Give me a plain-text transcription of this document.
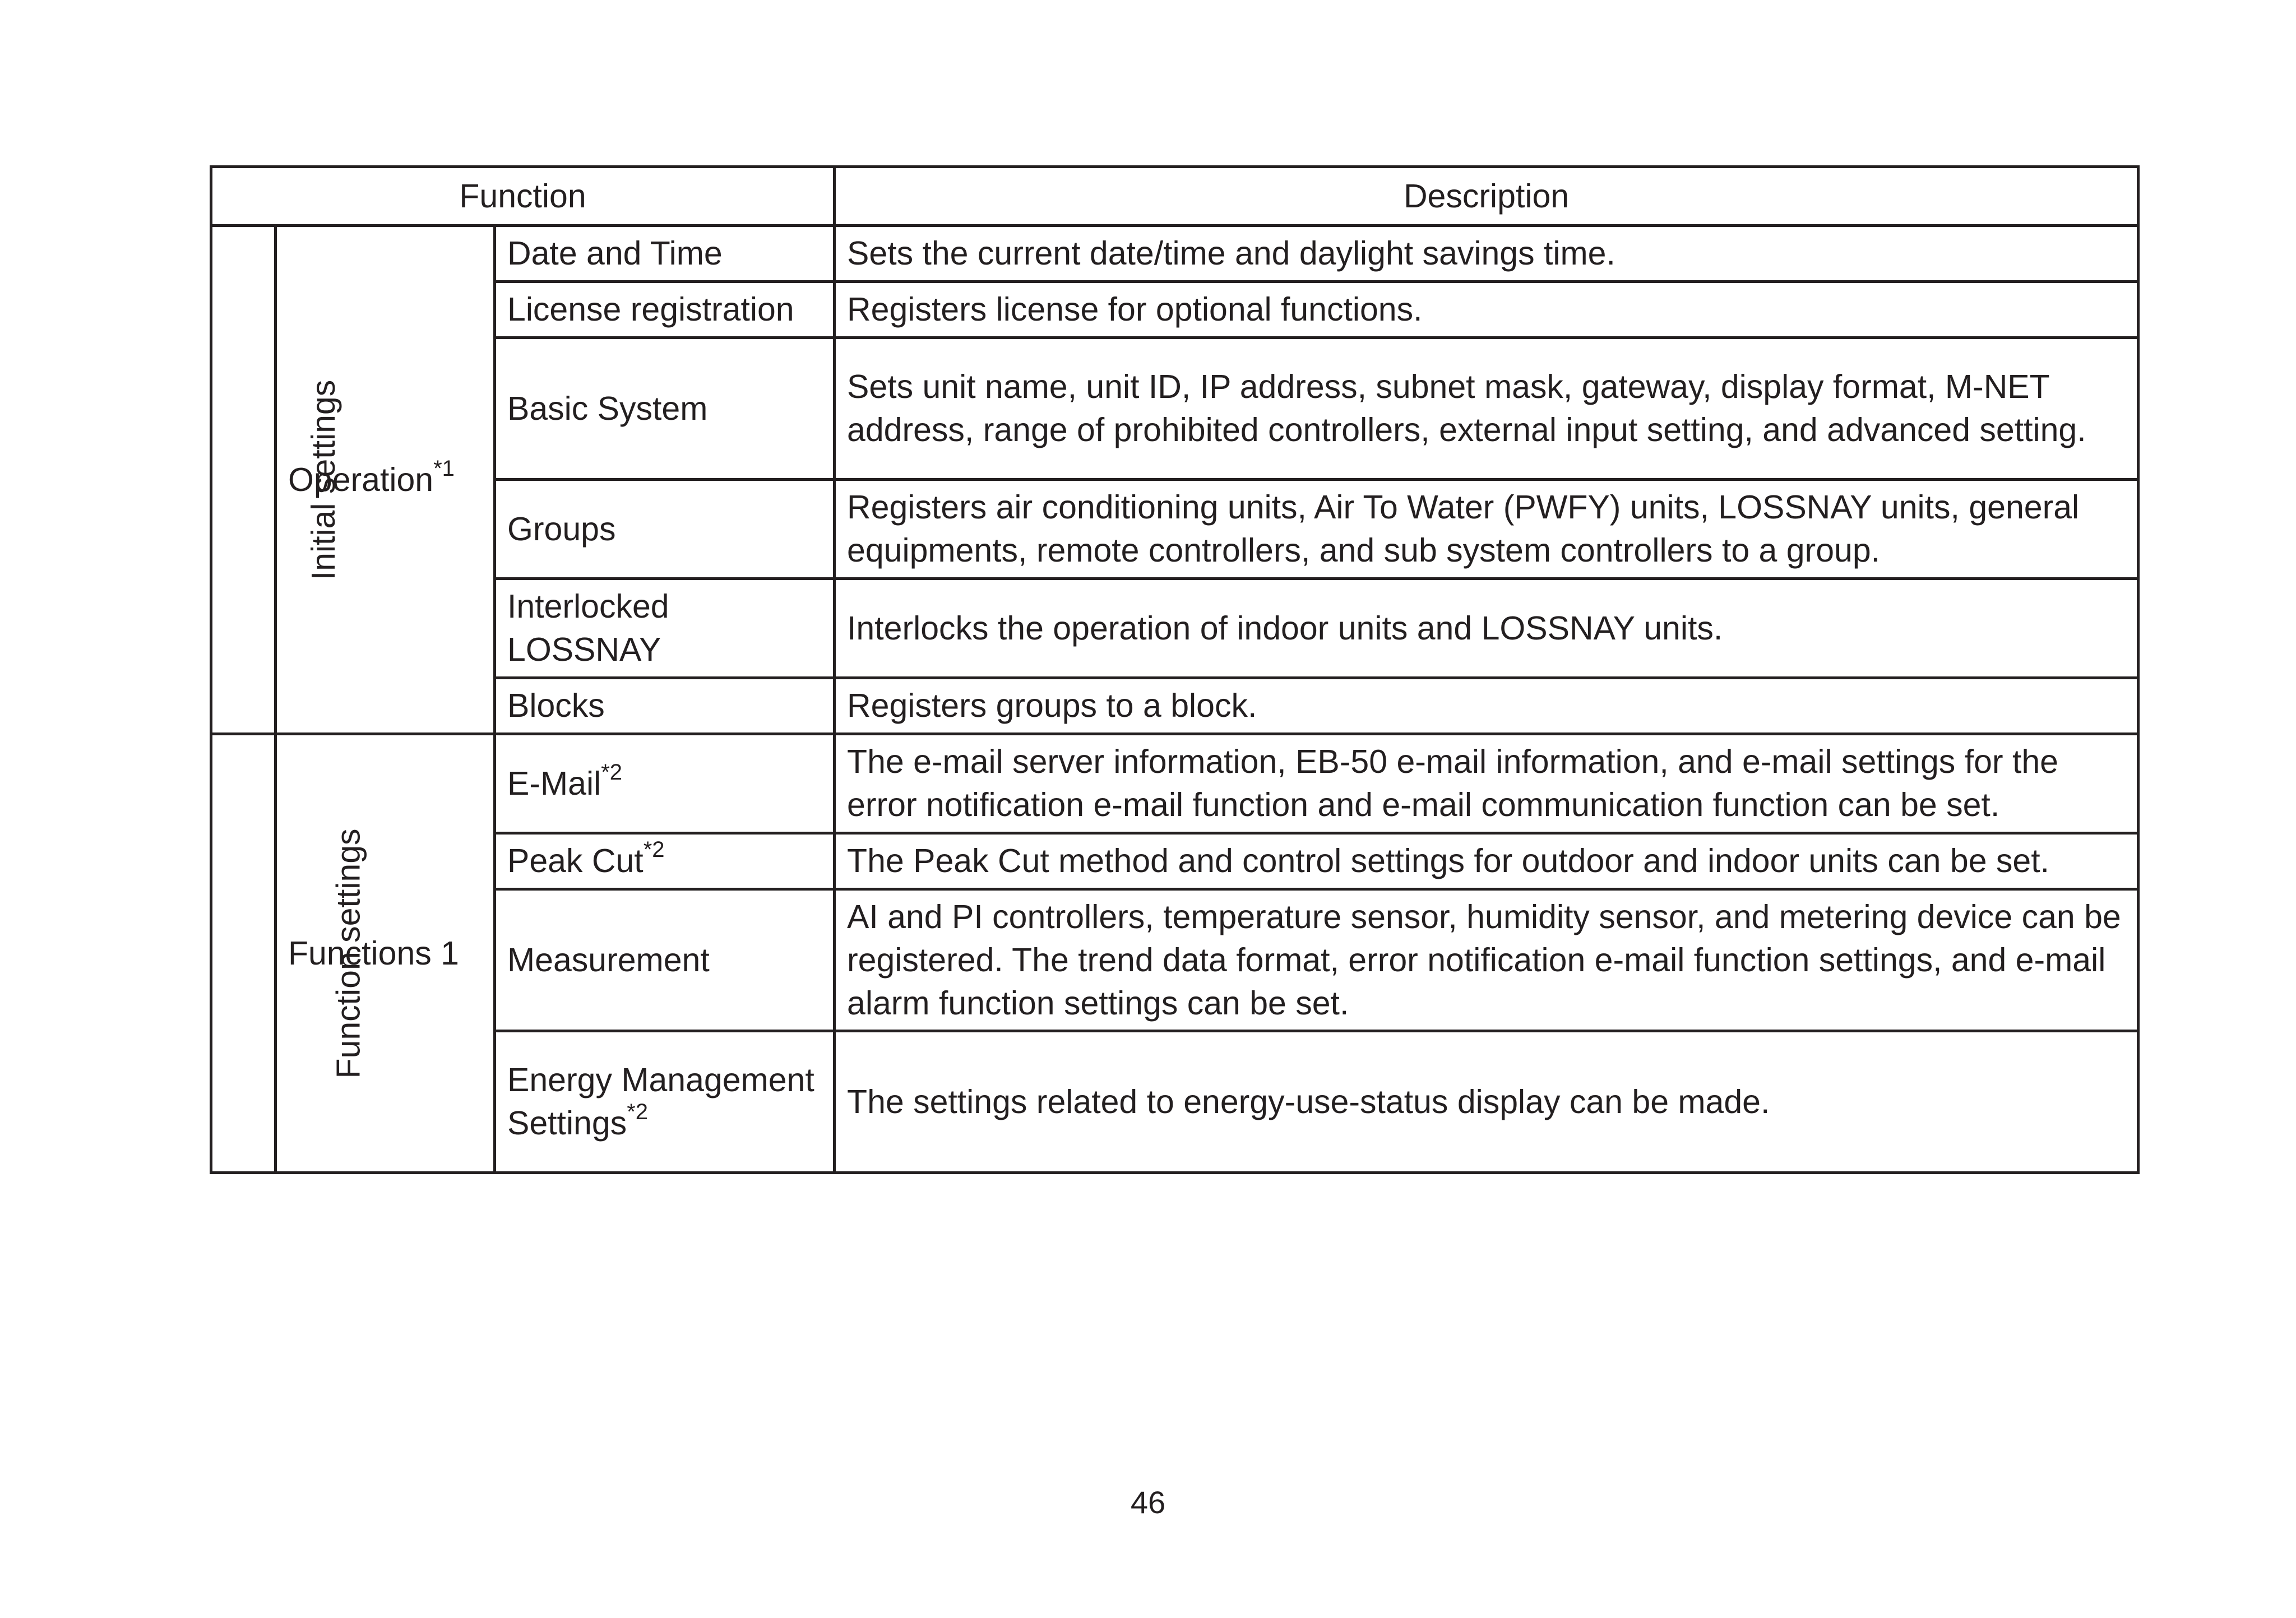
Function			Description
Initial settings	Operation$^{*1}$	Date and Time	Sets the current date/time and daylight savings time.
		License registration	Registers license for optional functions.
		Basic System	Sets unit name, unit ID, IP address, subnet mask, gateway, display format, M-NET address, range of prohibited controllers, external input setting, and advanced setting.
		Groups	Registers air conditioning units, Air To Water (PWFY) units, LOSSNAY units, general equipments, remote controllers, and sub system controllers to a group.
		Interlocked LOSSNAY	Interlocks the operation of indoor units and LOSSNAY units.
		Blocks	Registers groups to a block.
Function settings	Functions 1	E-Mail$^{*2}$	The e-mail server information, EB-50 e-mail information, and e-mail settings for the error notification e-mail function and e-mail communication function can be set.
		Peak Cut$^{*2}$	The Peak Cut method and control settings for outdoor and indoor units can be set.
		Measurement	AI and PI controllers, temperature sensor, humidity sensor, and metering device can be registered. The trend data format, error notification e-mail function settings, and e-mail alarm function settings can be set.
		Energy Management Settings$^{*2}$	The settings related to energy-use-status display can be made.
46
